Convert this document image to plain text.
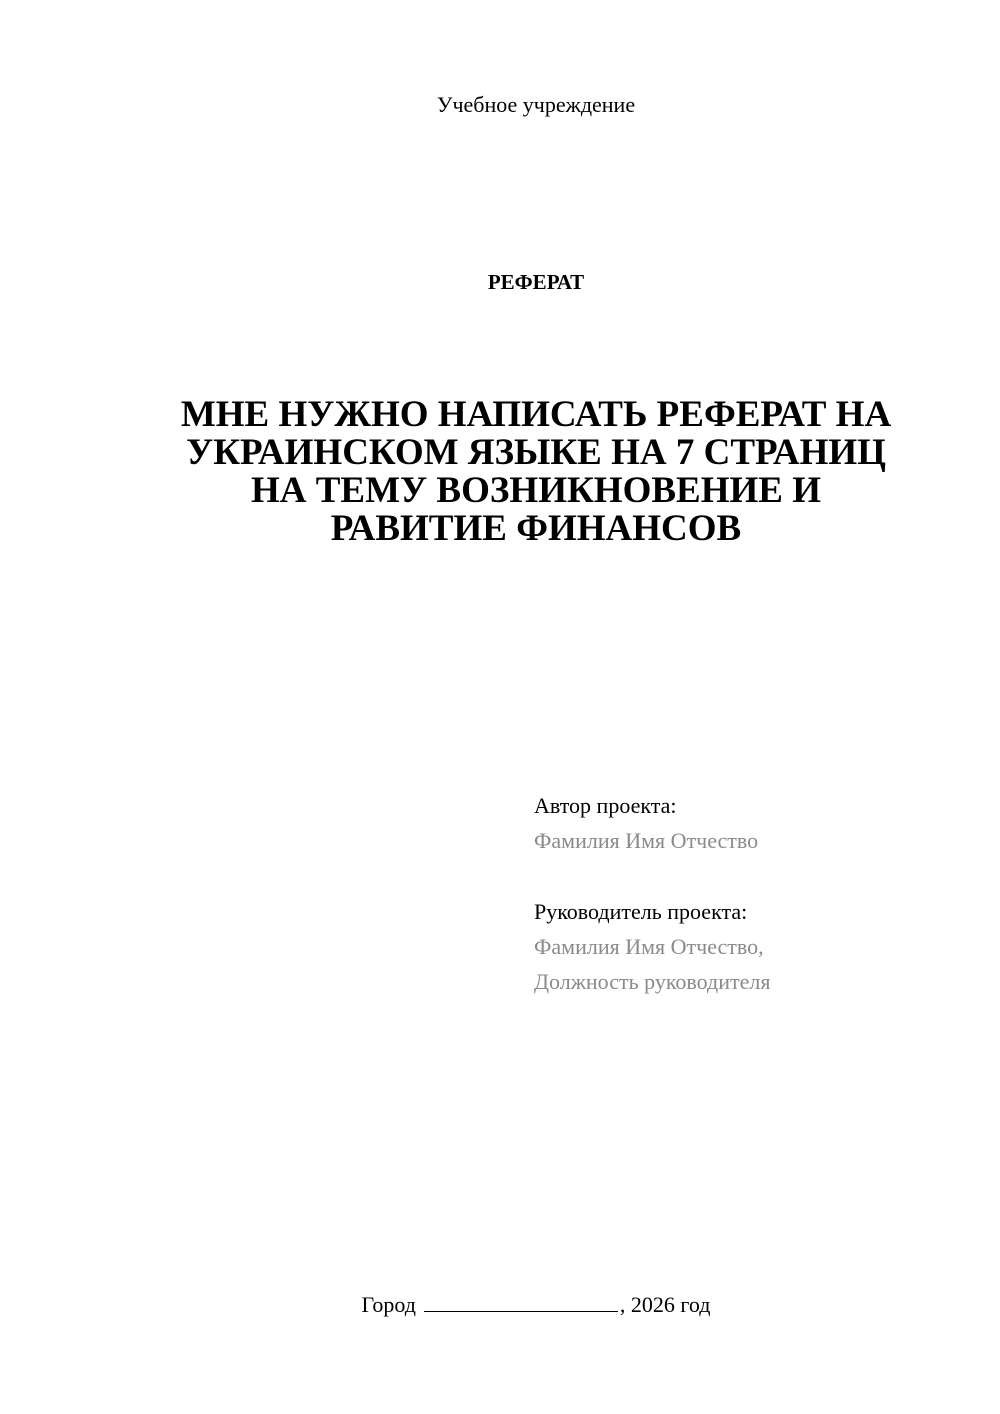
Учебное учреждение
РЕФЕРАТ
МНЕ НУЖНО НАПИСАТЬ РЕФЕРАТ НА
УКРАИНСКОМ ЯЗЫКЕ НА 7 СТРАНИЦ
НА ТЕМУ ВОЗНИКНОВЕНИЕ И
РАВИТИЕ ФИНАНСОВ
Автор проекта:
Фамилия Имя Отчество
Руководитель проекта:
Фамилия Имя Отчество,
Должность руководителя
Город	, 2026 год
